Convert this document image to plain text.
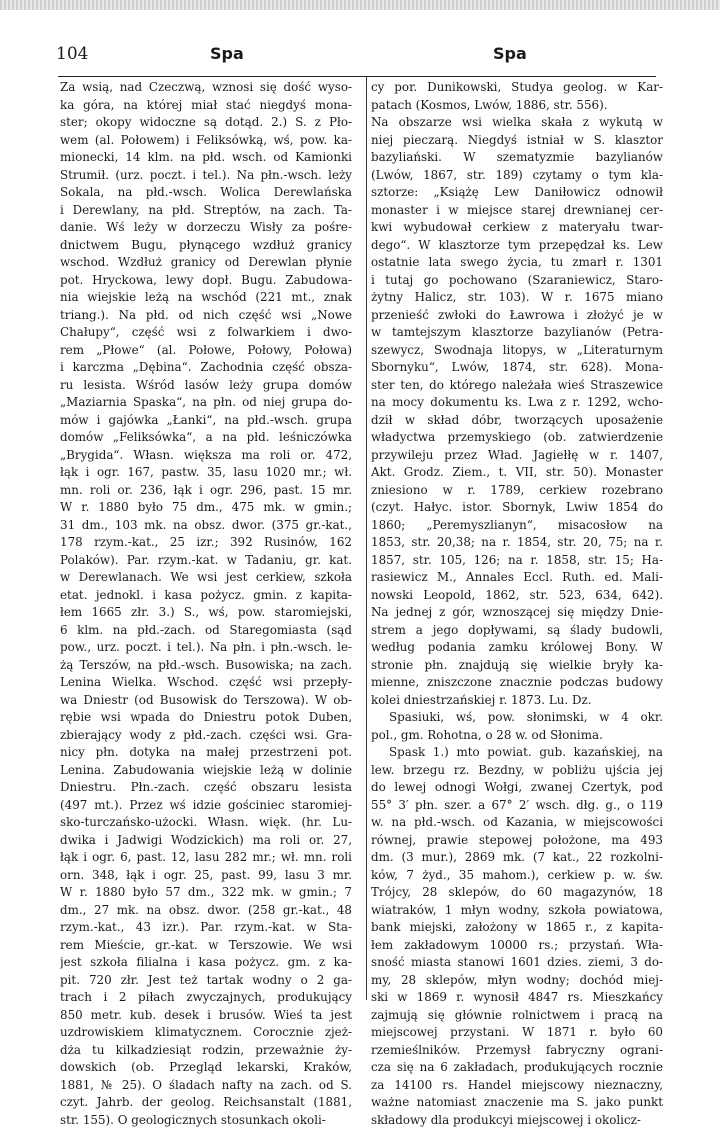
104	Spa	Spa
Za wsią, nad Czeczwą, wznosi się dość wyso-
ka góra, na której miał stać niegdyś mona-
ster; okopy widoczne są dotąd. 2.) S. z Pło-
wem (al. Połowem) i Feliksówką, wś, pow. ka-
mionecki, 14 klm. na płd. wsch. od Kamionki
Strumił. (urz. poczt. i tel.). Na płn.-wsch. leży
Sokala, na płd.-wsch. Wolica Derewlańska
i Derewlany, na płd. Streptów, na zach. Ta-
danie. Wś leży w dorzeczu Wisły za pośre-
dnictwem Bugu, płynącego wzdłuż granicy
wschod. Wzdłuż granicy od Derewlan płynie
pot. Hryckowa, lewy dopł. Bugu. Zabudowa-
nia wiejskie leżą na wschód (221 mt., znak
triang.). Na płd. od nich część wsi „Nowe
Chałupy“, część wsi z folwarkiem i dwo-
rem „Płowe“ (al. Połowe, Połowy, Połowa)
i karczma „Dębina“. Zachodnia część obsza-
ru lesista. Wśród lasów leży grupa domów
„Maziarnia Spaska“, na płn. od niej grupa do-
mów i gajówka „Łanki“, na płd.-wsch. grupa
domów „Feliksówka“, a na płd. leśniczówka
„Brygida“. Własn. większa ma roli or. 472,
łąk i ogr. 167, pastw. 35, lasu 1020 mr.; wł.
mn. roli or. 236, łąk i ogr. 296, past. 15 mr.
W r. 1880 było 75 dm., 475 mk. w gmin.;
31 dm., 103 mk. na obsz. dwor. (375 gr.-kat.,
178 rzym.-kat., 25 izr.; 392 Rusinów, 162
Polaków). Par. rzym.-kat. w Tadaniu, gr. kat.
w Derewlanach. We wsi jest cerkiew, szkoła
etat. jednokl. i kasa pożycz. gmin. z kapita-
łem 1665 złr. 3.) S., wś, pow. staromiejski,
6 klm. na płd.-zach. od Staregomiasta (sąd
pow., urz. poczt. i tel.). Na płn. i płn.-wsch. le-
żą Terszów, na płd.-wsch. Busowiska; na zach.
Lenina Wielka. Wschod. część wsi przepły-
wa Dniestr (od Busowisk do Terszowa). W ob-
rębie wsi wpada do Dniestru potok Duben,
zbierający wody z płd.-zach. części wsi. Gra-
nicy płn. dotyka na małej przestrzeni pot.
Lenina. Zabudowania wiejskie leżą w dolinie
Dniestru. Płn.-zach. część obszaru lesista
(497 mt.). Przez wś idzie gościniec staromiej-
sko-turczańsko-użocki. Własn. więk. (hr. Lu-
dwika i Jadwigi Wodzickich) ma roli or. 27,
łąk i ogr. 6, past. 12, lasu 282 mr.; wł. mn. roli
orn. 348, łąk i ogr. 25, past. 99, lasu 3 mr.
W r. 1880 było 57 dm., 322 mk. w gmin.; 7
dm., 27 mk. na obsz. dwor. (258 gr.-kat., 48
rzym.-kat., 43 izr.). Par. rzym.-kat. w Sta-
rem Mieście, gr.-kat. w Terszowie. We wsi
jest szkoła filialna i kasa pożycz. gm. z ka-
pit. 720 złr. Jest też tartak wodny o 2 ga-
trach i 2 piłach zwyczajnych, produkujący
850 metr. kub. desek i brusów. Wieś ta jest
uzdrowiskiem klimatycznem. Corocznie zjeż-
dża tu kilkadziesiąt rodzin, przeważnie ży-
dowskich (ob. Przegląd lekarski, Kraków,
1881, № 25). O śladach nafty na zach. od S.
czyt. Jahrb. der geolog. Reichsanstalt (1881,
str. 155). O geologicznych stosunkach okoli-
cy por. Dunikowski, Studya geolog. w Kar-
patach (Kosmos, Lwów, 1886, str. 556).
Na obszarze wsi wielka skała z wykutą w
niej pieczarą. Niegdyś istniał w S. klasztor
bazyliański. W szematyzmie bazylianów
(Lwów, 1867, str. 189) czytamy o tym kla-
sztorze: „Książę Lew Daniłowicz odnowił
monaster i w miejsce starej drewnianej cer-
kwi wybudował cerkiew z materyału twar-
dego“. W klasztorze tym przepędzał ks. Lew
ostatnie lata swego życia, tu zmarł r. 1301
i tutaj go pochowano (Szaraniewicz, Staro-
żytny Halicz, str. 103). W r. 1675 miano
przenieść zwłoki do Ławrowa i złożyć je w
w tamtejszym klasztorze bazylianów (Petra-
szewycz, Swodnaja litopys, w „Literaturnym
Sbornyku“, Lwów, 1874, str. 628). Mona-
ster ten, do którego należała wieś Straszewice
na mocy dokumentu ks. Lwa z r. 1292, wcho-
dził w skład dóbr, tworzących uposażenie
władyctwa przemyskiego (ob. zatwierdzenie
przywileju przez Wład. Jagiełłę w r. 1407,
Akt. Grodz. Ziem., t. VII, str. 50). Monaster
zniesiono w r. 1789, cerkiew rozebrano
(czyt. Hałyc. istor. Sbornyk, Lwiw 1854 do
1860; „Peremyszlianyn“, misacosłow na
1853, str. 20,38; na r. 1854, str. 20, 75; na r.
1857, str. 105, 126; na r. 1858, str. 15; Ha-
rasiewicz M., Annales Eccl. Ruth. ed. Mali-
nowski Leopold, 1862, str. 523, 634, 642).
Na jednej z gór, wznoszącej się między Dnie-
strem a jego dopływami, są ślady budowli,
według podania zamku królowej Bony. W
stronie płn. znajdują się wielkie bryły ka-
mienne, zniszczone znacznie podczas budowy
kolei dniestrzańskiej r. 1873. Lu. Dz.
Spasiuki, wś, pow. słonimski, w 4 okr.
pol., gm. Rohotna, o 28 w. od Słonima.
Spask 1.) mto powiat. gub. kazańskiej, na
lew. brzegu rz. Bezdny, w pobliżu ujścia jej
do lewej odnogi Wołgi, zwanej Czertyk, pod
55° 3′ płn. szer. a 67° 2′ wsch. dłg. g., o 119
w. na płd.-wsch. od Kazania, w miejscowości
równej, prawie stepowej położone, ma 493
dm. (3 mur.), 2869 mk. (7 kat., 22 rozkolni-
ków, 7 żyd., 35 mahom.), cerkiew p. w. św.
Trójcy, 28 sklepów, do 60 magazynów, 18
wiatraków, 1 młyn wodny, szkoła powiatowa,
bank miejski, założony w 1865 r., z kapita-
łem zakładowym 10000 rs.; przystań. Wła-
sność miasta stanowi 1601 dzies. ziemi, 3 do-
my, 28 sklepów, młyn wodny; dochód miej-
ski w 1869 r. wynosił 4847 rs. Mieszkańcy
zajmują się głównie rolnictwem i pracą na
miejscowej przystani. W 1871 r. było 60
rzemieślników. Przemysł fabryczny ograni-
cza się na 6 zakładach, produkujących rocznie
za 14100 rs. Handel miejscowy nieznaczny,
ważne natomiast znaczenie ma S. jako punkt
składowy dla produkcyi miejscowej i okolicz-
